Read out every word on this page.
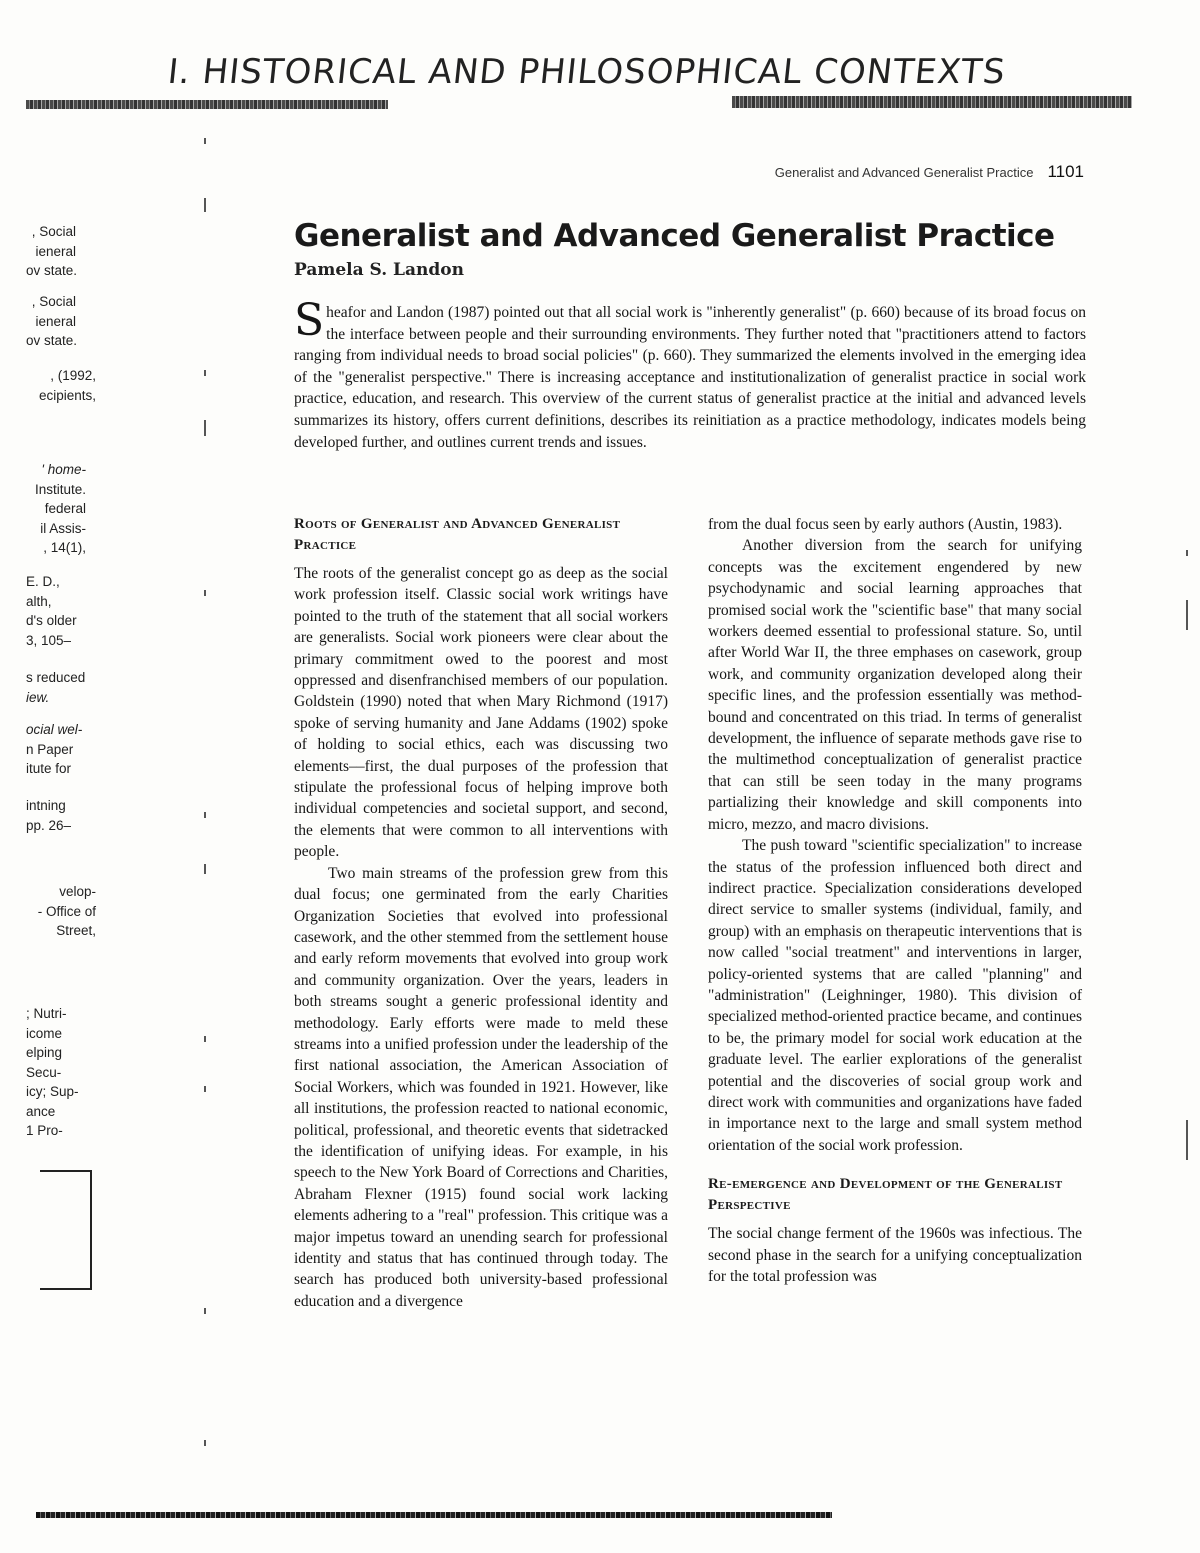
I. HISTORICAL AND PHILOSOPHICAL CONTEXTS
Generalist and Advanced Generalist Practice 1101
, Social
ieneral
ov state.
, Social
ieneral
ov state.
, (1992,
ecipients,
' home-
Institute.
federal
il Assis-
, 14(1),
E. D.,
alth,
d's older
3, 105–
s reduced
iew.
ocial wel-
n Paper
itute for
intning
pp. 26–
velop-
- Office of
Street,
; Nutri-
icome
elping
Secu-
icy; Sup-
ance
1 Pro-
Generalist and Advanced Generalist Practice
Pamela S. Landon
Sheafor and Landon (1987) pointed out that all social work is "inherently generalist" (p. 660) because of its broad focus on the interface between people and their surrounding environments. They further noted that "practitioners attend to factors ranging from individual needs to broad social policies" (p. 660). They summarized the elements involved in the emerging idea of the "generalist perspective." There is increasing acceptance and institutionalization of generalist practice in social work practice, education, and research. This overview of the current status of generalist practice at the initial and advanced levels summarizes its history, offers current definitions, describes its reinitiation as a practice methodology, indicates models being developed further, and outlines current trends and issues.
Roots of Generalist and Advanced Generalist Practice

The roots of the generalist concept go as deep as the social work profession itself. Classic social work writings have pointed to the truth of the statement that all social workers are generalists. Social work pioneers were clear about the primary commitment owed to the poorest and most oppressed and disenfranchised members of our population. Goldstein (1990) noted that when Mary Richmond (1917) spoke of serving humanity and Jane Addams (1902) spoke of holding to social ethics, each was discussing two elements––first, the dual purposes of the profession that stipulate the professional focus of helping improve both individual competencies and societal support, and second, the elements that were common to all interventions with people.

Two main streams of the profession grew from this dual focus; one germinated from the early Charities Organization Societies that evolved into professional casework, and the other stemmed from the settlement house and early reform movements that evolved into group work and community organization. Over the years, leaders in both streams sought a generic professional identity and methodology. Early efforts were made to meld these streams into a unified profession under the leadership of the first national association, the American Association of Social Workers, which was founded in 1921. However, like all institutions, the profession reacted to national economic, political, professional, and theoretic events that sidetracked the identification of unifying ideas. For example, in his speech to the New York Board of Corrections and Charities, Abraham Flexner (1915) found social work lacking elements adhering to a "real" profession. This critique was a major impetus toward an unending search for professional identity and status that has continued through today. The search has produced both university-based professional education and a divergence

from the dual focus seen by early authors (Austin, 1983).

Another diversion from the search for unifying concepts was the excitement engendered by new psychodynamic and social learning approaches that promised social work the "scientific base" that many social workers deemed essential to professional stature. So, until after World War II, the three emphases on casework, group work, and community organization developed along their specific lines, and the profession essentially was method-bound and concentrated on this triad. In terms of generalist development, the influence of separate methods gave rise to the multimethod conceptualization of generalist practice that can still be seen today in the many programs partializing their knowledge and skill components into micro, mezzo, and macro divisions.

The push toward "scientific specialization" to increase the status of the profession influenced both direct and indirect practice. Specialization considerations developed direct service to smaller systems (individual, family, and group) with an emphasis on therapeutic interventions that is now called "social treatment" and interventions in larger, policy-oriented systems that are called "planning" and "administration" (Leighninger, 1980). This division of specialized method-oriented practice became, and continues to be, the primary model for social work education at the graduate level. The earlier explorations of the generalist potential and the discoveries of social group work and direct work with communities and organizations have faded in importance next to the large and small system method orientation of the social work profession.

Re-emergence and Development of the Generalist Perspective

The social change ferment of the 1960s was infectious. The second phase in the search for a unifying conceptualization for the total profession was
